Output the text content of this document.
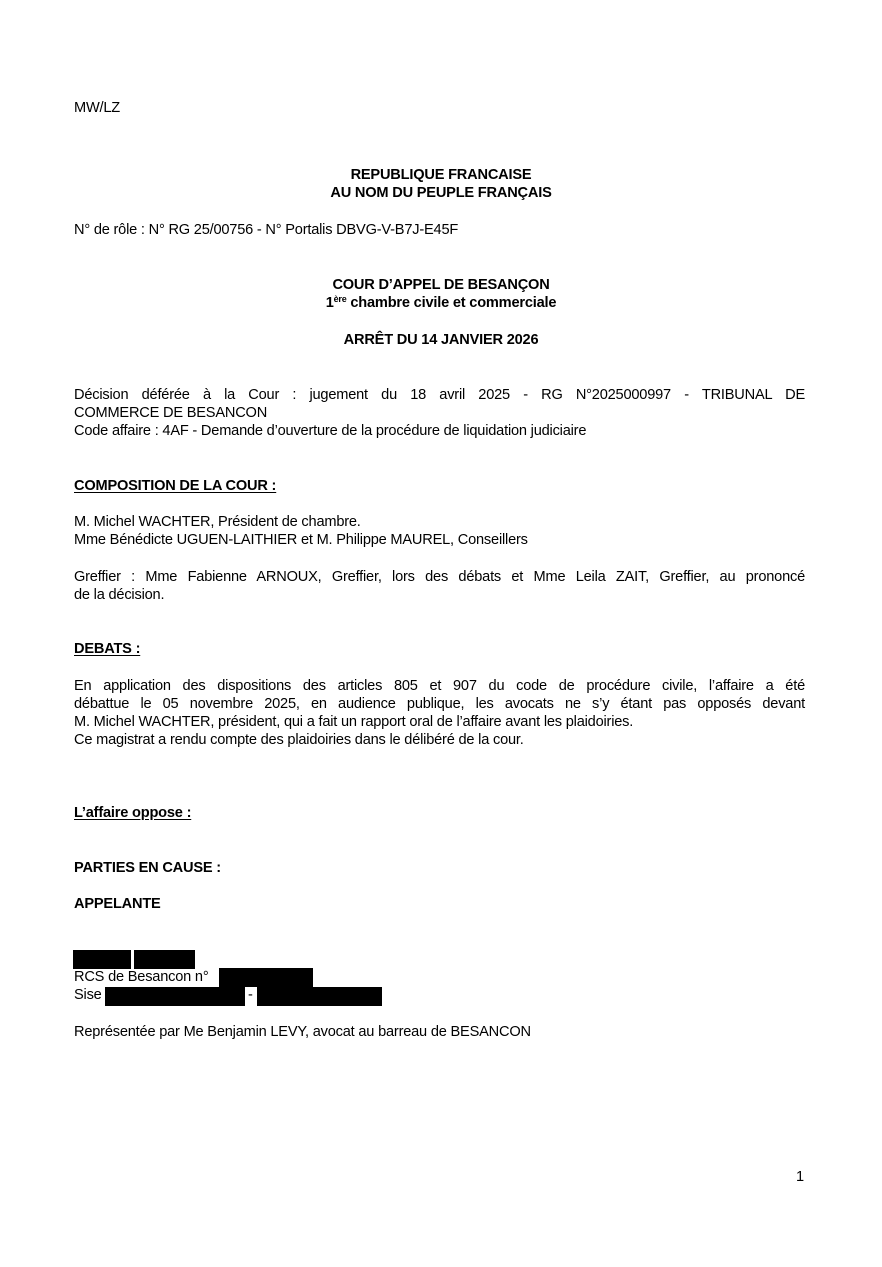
MW/LZ
REPUBLIQUE FRANCAISE
AU NOM DU PEUPLE FRANÇAIS
N° de rôle : N° RG 25/00756 - N° Portalis DBVG-V-B7J-E45F
COUR D’APPEL DE BESANÇON
1ère chambre civile et commerciale
ARRÊT DU 14 JANVIER 2026
Décision déférée à la Cour : jugement du 18 avril 2025 - RG N°2025000997 - TRIBUNAL DE
COMMERCE DE BESANCON
Code affaire : 4AF - Demande d’ouverture de la procédure de liquidation judiciaire
COMPOSITION DE LA COUR :
M. Michel WACHTER, Président de chambre.
Mme Bénédicte UGUEN-LAITHIER et M. Philippe MAUREL, Conseillers
Greffier : Mme Fabienne ARNOUX, Greffier, lors des débats et Mme Leila ZAIT, Greffier, au prononcé
de la décision.
DEBATS :
En application des dispositions des articles 805 et 907 du code de procédure civile, l’affaire a été
débattue le 05 novembre 2025, en audience publique, les avocats ne s’y étant pas opposés devant
M. Michel WACHTER, président, qui a fait un rapport oral de l’affaire avant les plaidoiries.
Ce magistrat a rendu compte des plaidoiries dans le délibéré de la cour.
L’affaire oppose :
PARTIES EN CAUSE :
APPELANTE
RCS de Besancon n°
Sise	-
Représentée par Me Benjamin LEVY, avocat au barreau de BESANCON
1
